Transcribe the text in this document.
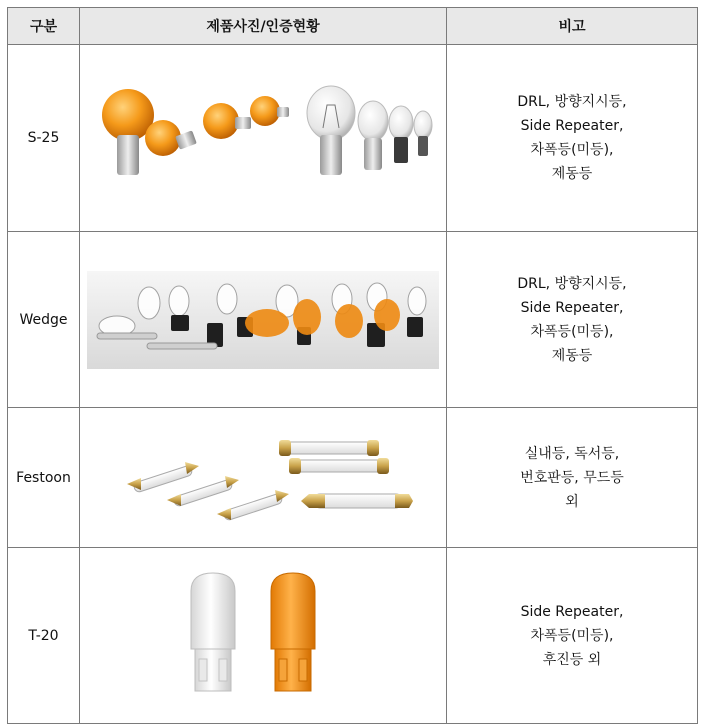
구분	제품사진/인증현황	비고
S-25		DRL, 방향지시등,
Side Repeater,
차폭등(미등),
제동등

Wedge		DRL, 방향지시등,
Side Repeater,
차폭등(미등),
제동등

Festoon		실내등, 독서등,
번호판등, 무드등
외

T-20		Side Repeater,
차폭등(미등),
후진등 외
